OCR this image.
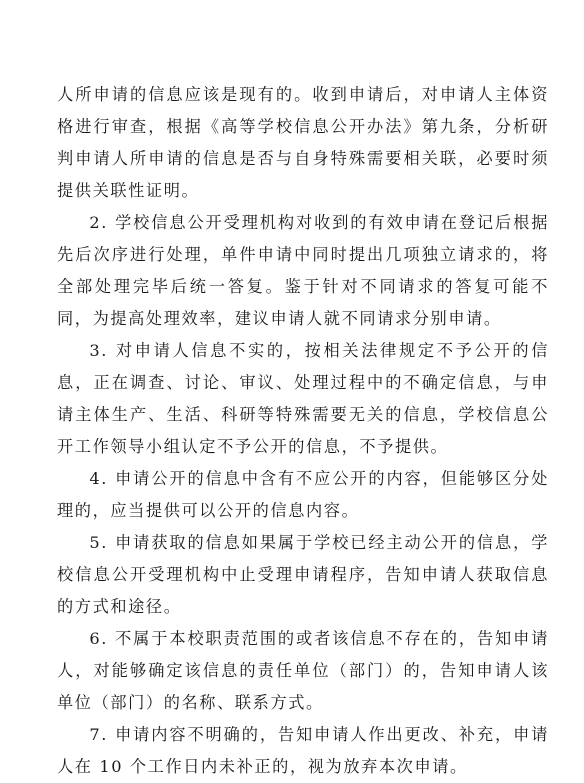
人所申请的信息应该是现有的。收到申请后，对申请人主体资格进行审查，根据《高等学校信息公开办法》第九条，分析研判申请人所申请的信息是否与自身特殊需要相关联，必要时须提供关联性证明。

2. 学校信息公开受理机构对收到的有效申请在登记后根据先后次序进行处理，单件申请中同时提出几项独立请求的，将全部处理完毕后统一答复。鉴于针对不同请求的答复可能不同，为提高处理效率，建议申请人就不同请求分别申请。

3. 对申请人信息不实的，按相关法律规定不予公开的信息，正在调查、讨论、审议、处理过程中的不确定信息，与申请主体生产、生活、科研等特殊需要无关的信息，学校信息公开工作领导小组认定不予公开的信息，不予提供。

4. 申请公开的信息中含有不应公开的内容，但能够区分处理的，应当提供可以公开的信息内容。

5. 申请获取的信息如果属于学校已经主动公开的信息，学校信息公开受理机构中止受理申请程序，告知申请人获取信息的方式和途径。

6. 不属于本校职责范围的或者该信息不存在的，告知申请人，对能够确定该信息的责任单位（部门）的，告知申请人该单位（部门）的名称、联系方式。

7. 申请内容不明确的，告知申请人作出更改、补充，申请人在 10 个工作日内未补正的，视为放弃本次申请。
